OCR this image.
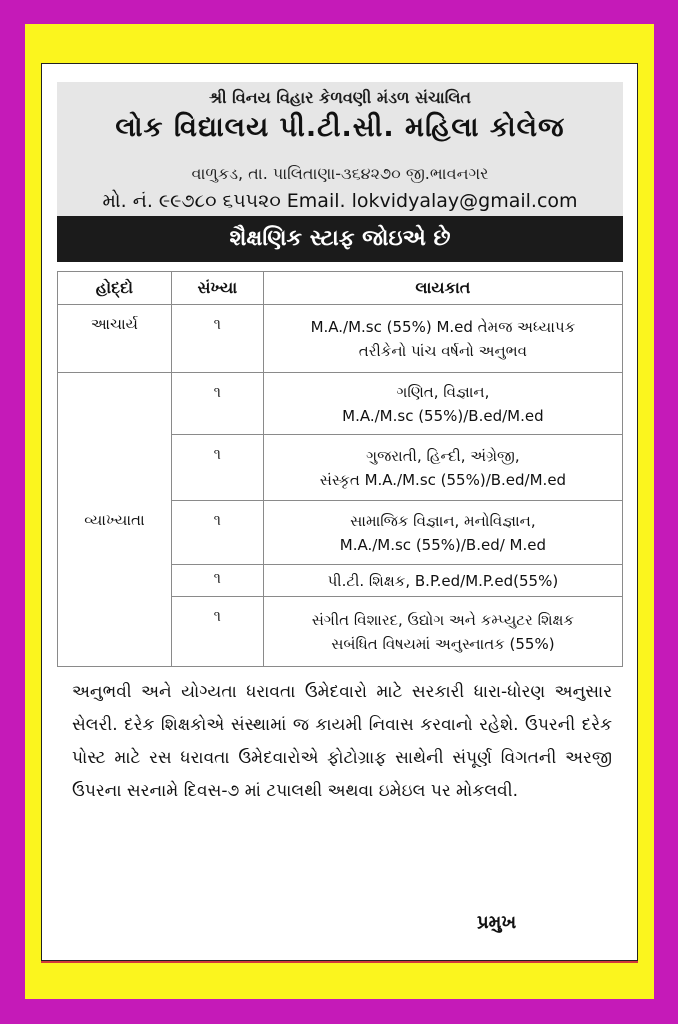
શ્રી વિનય વિહાર કેળવણી મંડળ સંચાલિત
લોક વિદ્યાલય પી.ટી.સી. મહિલા કોલેજ
વાળુકડ, તા. પાલિતાણા-૩૬૪૨૭૦ જી.ભાવનગર
મો. નં. ૯૯૭૮૦ ૬૫૫૨૦ Email. lokvidyalay@gmail.com
શૈક્ષણિક સ્ટાફ જોઇએ છે
હોદ્દો	સંખ્યા	લાયકાત
આચાર્ય	૧	M.A./M.sc (55%) M.ed તેમજ અધ્યાપક
તરીકેનો પાંચ વર્ષનો અનુભવ

વ્યાખ્યાતા	૧	ગણિત, વિજ્ઞાન,
M.A./M.sc (55%)/B.ed/M.ed

	૧	ગુજરાતી, હિન્દી, અંગ્રેજી,
સંસ્કૃત M.A./M.sc (55%)/B.ed/M.ed

	૧	સામાજિક વિજ્ઞાન, મનોવિજ્ઞાન,
M.A./M.sc (55%)/B.ed/ M.ed

	૧	પી.ટી. શિક્ષક, B.P.ed/M.P.ed(55%)

	૧	સંગીત વિશારદ, ઉદ્યોગ અને કમ્પ્યુટર શિક્ષક
સબંધિત વિષયમાં અનુસ્નાતક (55%)
અનુભવી અને યોગ્યતા ધરાવતા ઉમેદવારો માટે સરકારી ધારા-ધોરણ અનુસાર સેલરી. દરેક શિક્ષકોએ સંસ્થામાં જ કાયમી નિવાસ કરવાનો રહેશે. ઉપરની દરેક પોસ્ટ માટે રસ ધરાવતા ઉમેદવારોએ ફોટોગ્રાફ સાથેની સંપૂર્ણ વિગતની અરજી ઉપરના સરનામે દિવસ-૭ માં ટપાલથી અથવા ઇમેઇલ પર મોકલવી.
પ્રમુખ
